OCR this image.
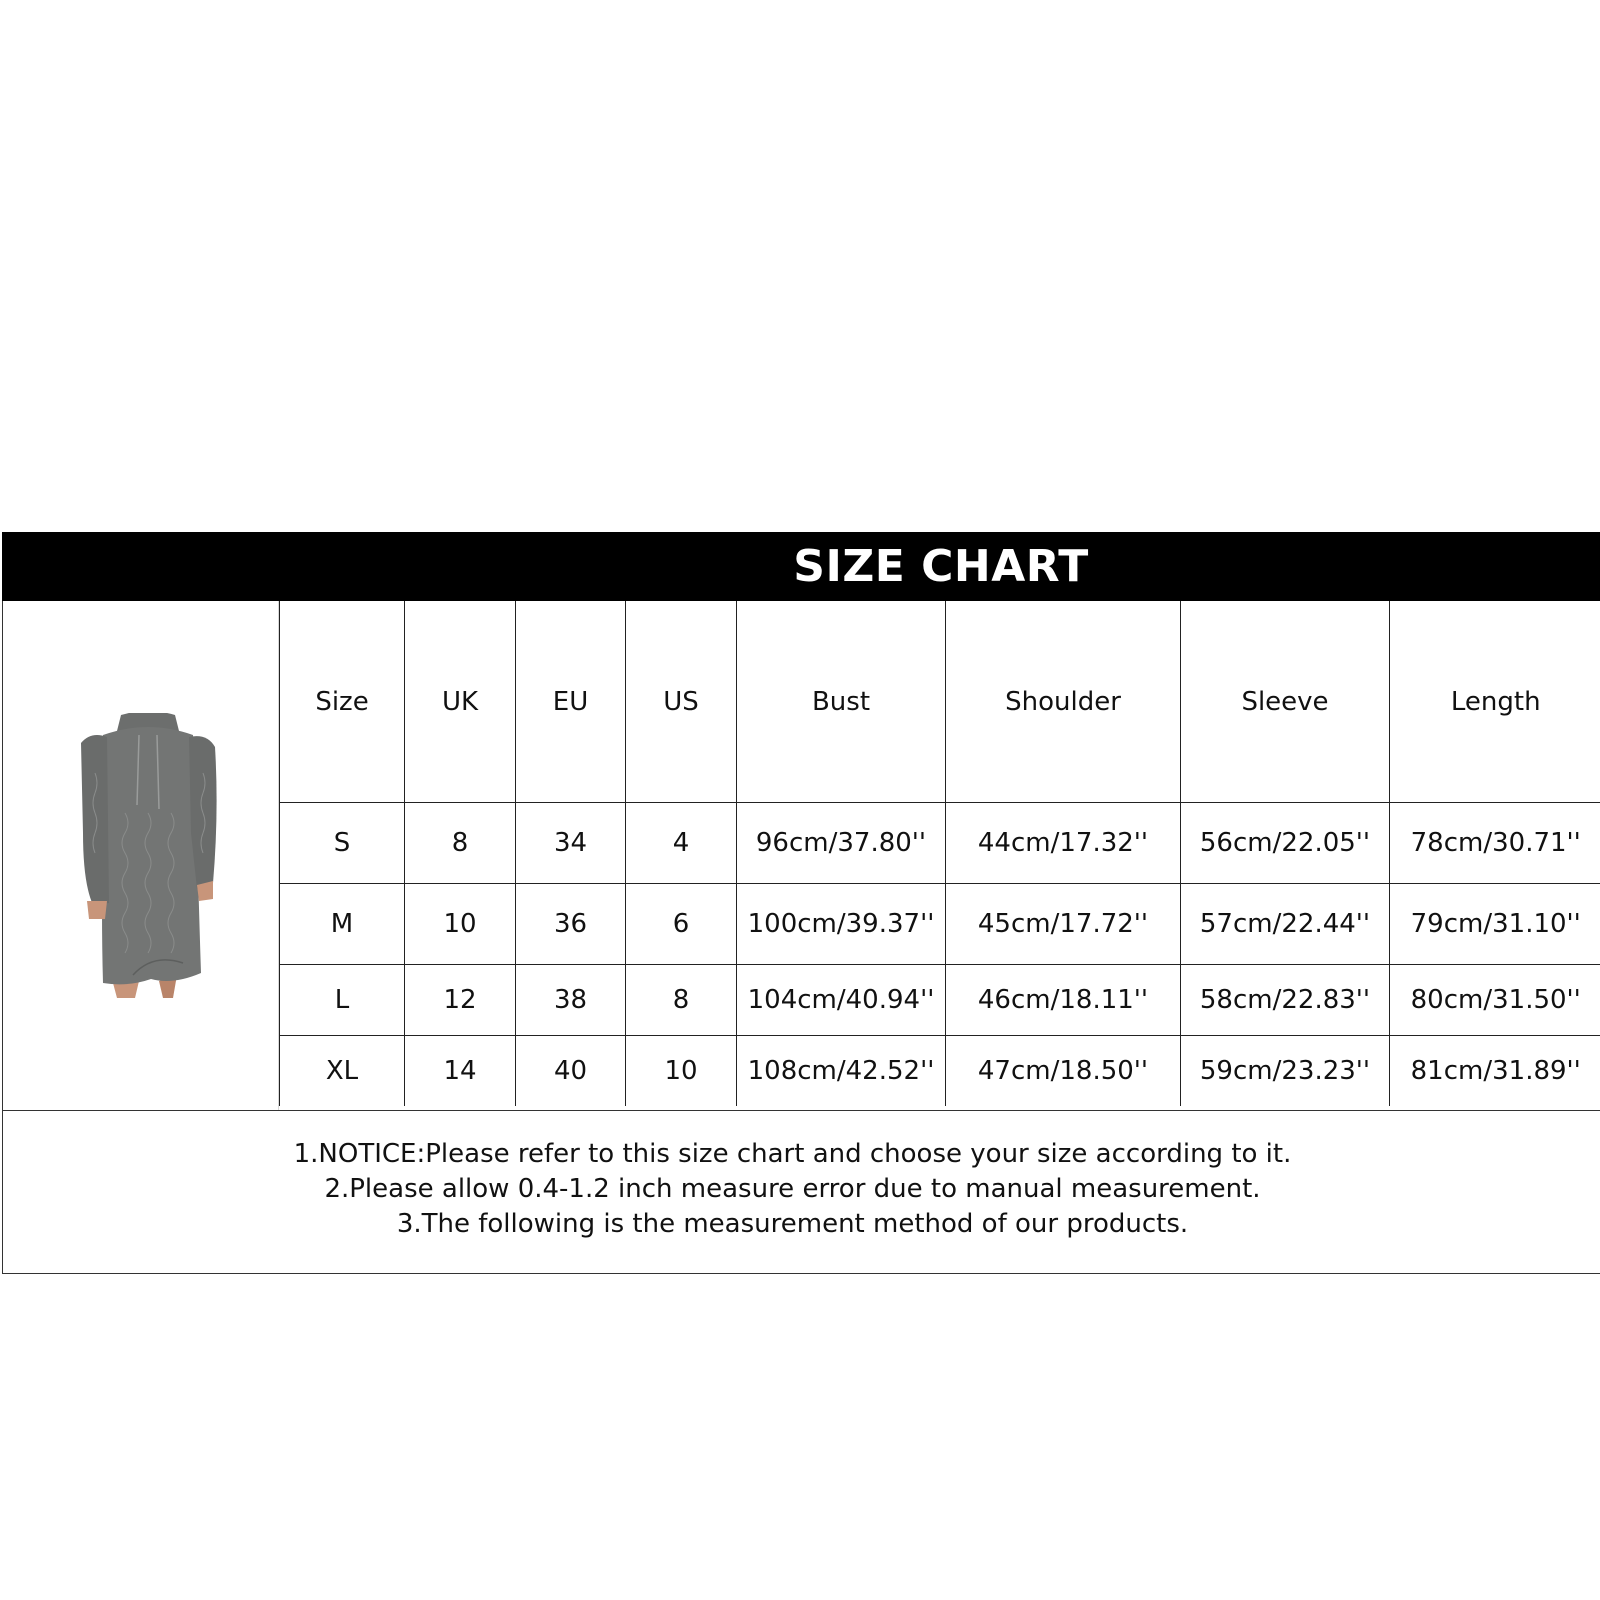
SIZE CHART
Size	UK	EU	US	Bust	Shoulder	Sleeve	Length
S	8	34	4	96cm/37.80''	44cm/17.32''	56cm/22.05''	78cm/30.71''
M	10	36	6	100cm/39.37''	45cm/17.72''	57cm/22.44''	79cm/31.10''
L	12	38	8	104cm/40.94''	46cm/18.11''	58cm/22.83''	80cm/31.50''
XL	14	40	10	108cm/42.52''	47cm/18.50''	59cm/23.23''	81cm/31.89''
1.NOTICE:Please refer to this size chart and choose your size according to it.
2.Please allow 0.4-1.2 inch measure error due to manual measurement.
3.The following is the measurement method of our products.
